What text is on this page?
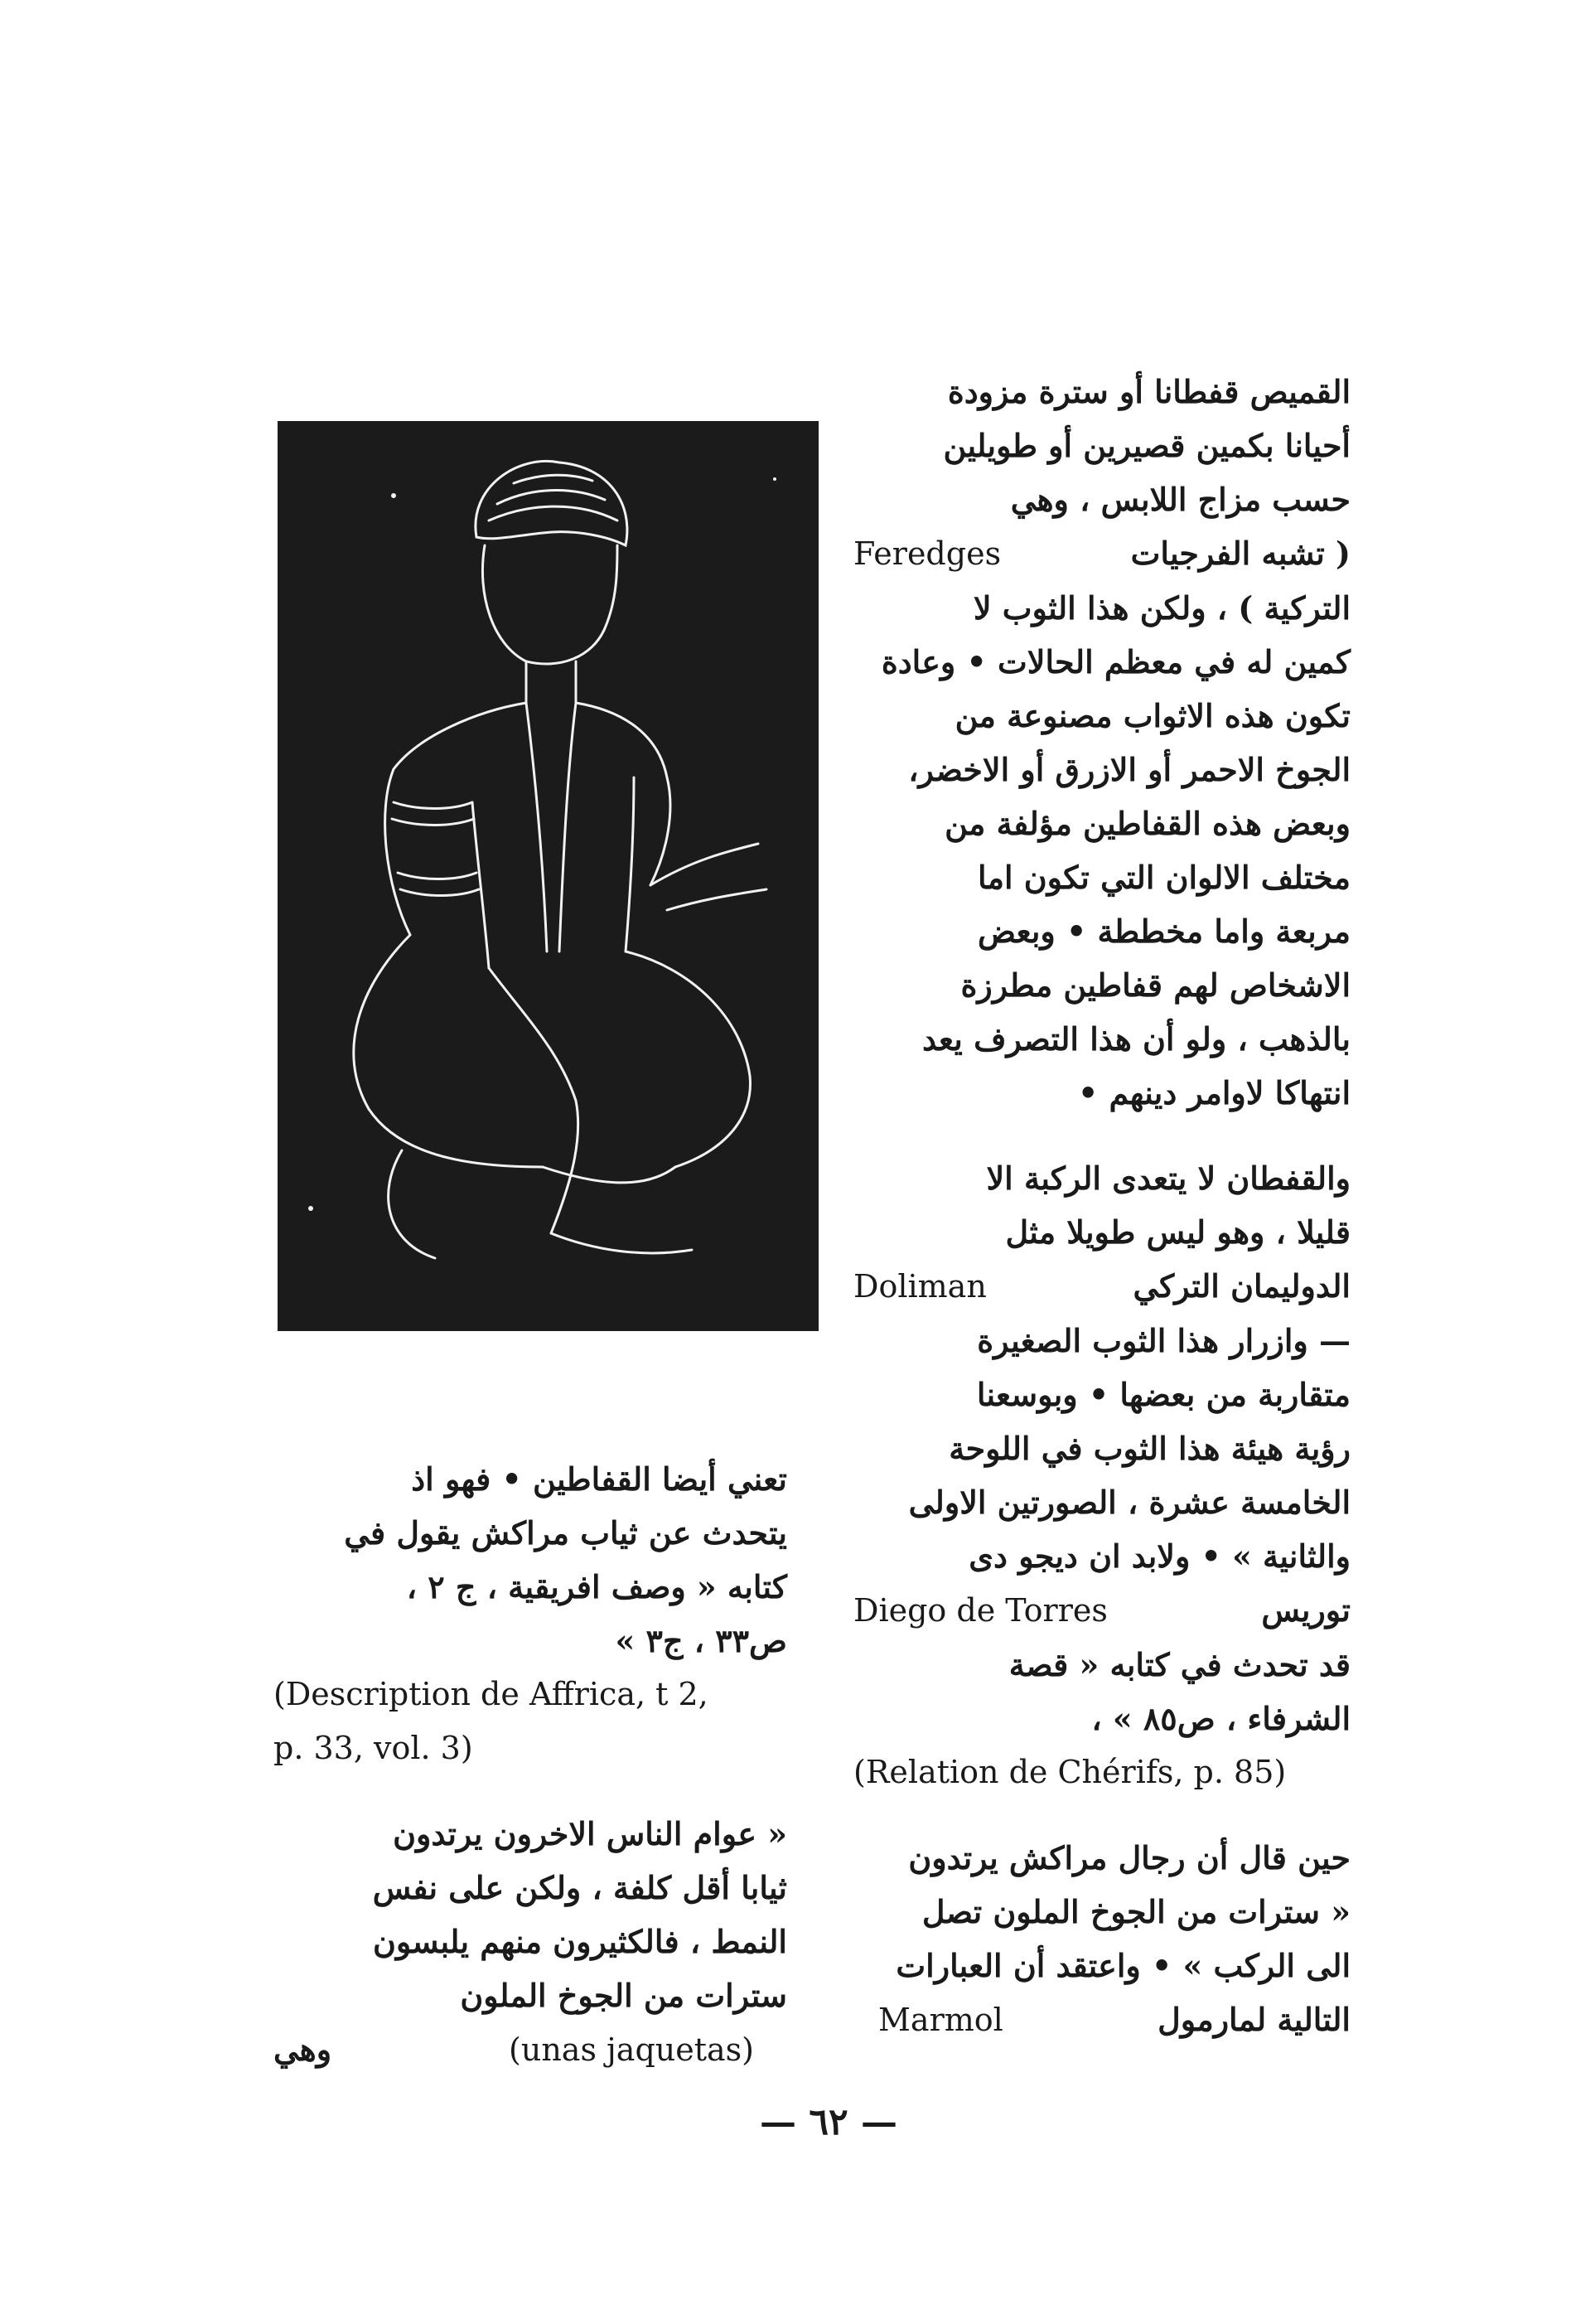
القميص قفطانا أو سترة مزودة

أحيانا بكمين قصيرين أو طويلين

حسب مزاج اللابس ، وهي

( تشبه الفرجيات
Feredges

التركية ) ، ولكن هذا الثوب لا

كمين له في معظم الحالات • وعادة

تكون هذه الاثواب مصنوعة من

الجوخ الاحمر أو الازرق أو الاخضر،

وبعض هذه القفاطين مؤلفة من

مختلف الالوان التي تكون اما

مربعة واما مخططة • وبعض

الاشخاص لهم قفاطين مطرزة

بالذهب ، ولو أن هذا التصرف يعد

انتهاكا لاوامر دينهم •

والقفطان لا يتعدى الركبة الا

قليلا ، وهو ليس طويلا مثل

الدوليمان التركي
Doliman

— وازرار هذا الثوب الصغيرة

متقاربة من بعضها • وبوسعنا

رؤية هيئة هذا الثوب في اللوحة

الخامسة عشرة ، الصورتين الاولى

والثانية » • ولابد ان ديجو دى

توريس
Diego de Torres

قد تحدث في كتابه « قصة

الشرفاء ، ص٨٥ » ،

(Relation de Chérifs, p. 85)

حين قال أن رجال مراكش يرتدون

« سترات من الجوخ الملون تصل

الى الركب » • واعتقد أن العبارات

التالية لمارمول
Marmol

تعني أيضا القفاطين • فهو اذ

يتحدث عن ثياب مراكش يقول في

كتابه « وصف افريقية ، ج ٢ ،

ص٣٣ ، ج٣ »

(Description de Affrica, t 2,

p. 33, vol. 3)

« عوام الناس الاخرون يرتدون

ثيابا أقل كلفة ، ولكن على نفس

النمط ، فالكثيرون منهم يلبسون

سترات من الجوخ الملون

(unas jaquetas)
وهي

— ٦٢ —
